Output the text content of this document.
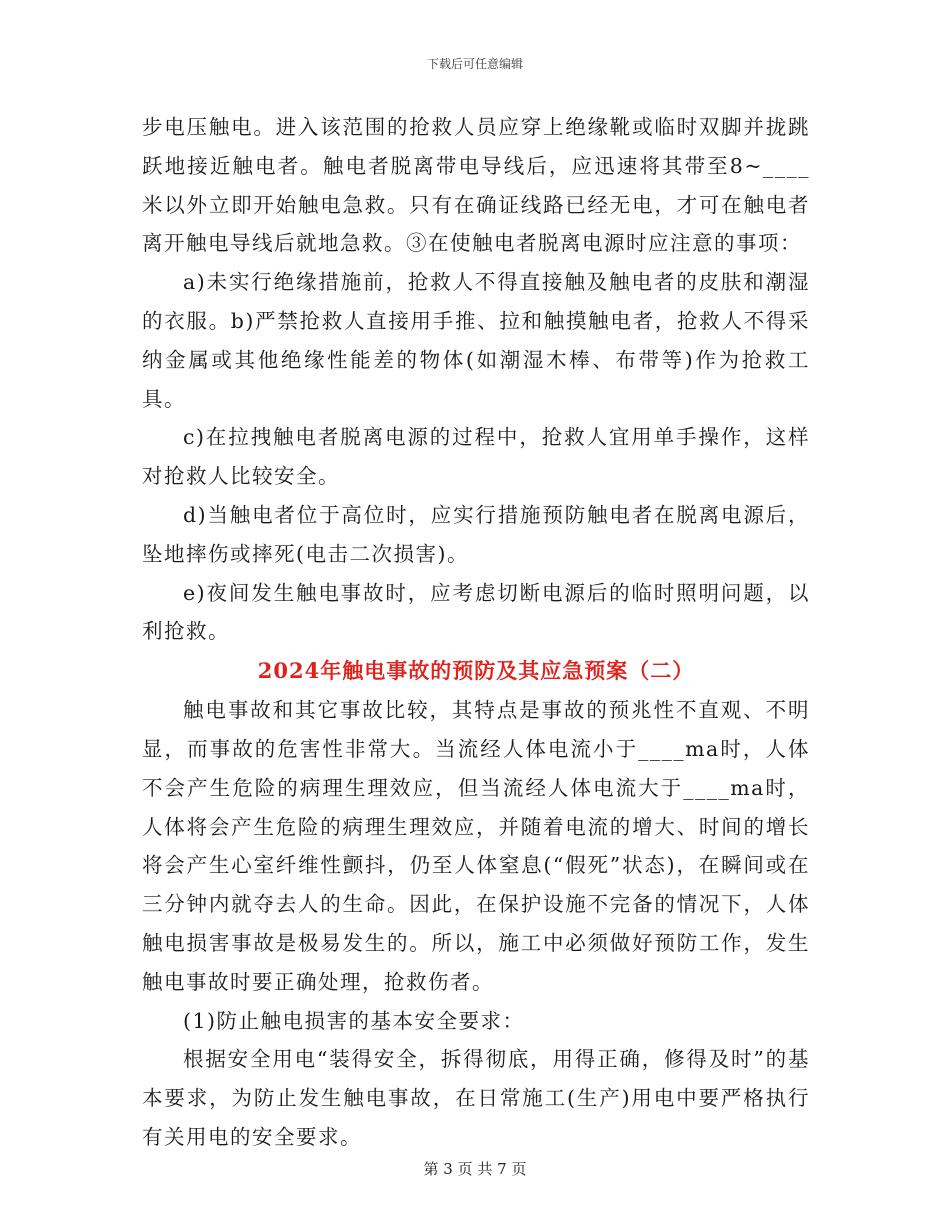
下载后可任意编辑

步电压触电。进入该范围的抢救人员应穿上绝缘靴或临时双脚并拢跳跃地接近触电者。触电者脱离带电导线后，应迅速将其带至8~____米以外立即开始触电急救。只有在确证线路已经无电，才可在触电者离开触电导线后就地急救。③在使触电者脱离电源时应注意的事项：

a)未实行绝缘措施前，抢救人不得直接触及触电者的皮肤和潮湿的衣服。b)严禁抢救人直接用手推、拉和触摸触电者，抢救人不得采纳金属或其他绝缘性能差的物体(如潮湿木棒、布带等)作为抢救工具。

c)在拉拽触电者脱离电源的过程中，抢救人宜用单手操作，这样对抢救人比较安全。

d)当触电者位于高位时，应实行措施预防触电者在脱离电源后，坠地摔伤或摔死(电击二次损害)。

e)夜间发生触电事故时，应考虑切断电源后的临时照明问题，以利抢救。

2024年触电事故的预防及其应急预案（二）

触电事故和其它事故比较，其特点是事故的预兆性不直观、不明显，而事故的危害性非常大。当流经人体电流小于____ma时，人体不会产生危险的病理生理效应，但当流经人体电流大于____ma时，人体将会产生危险的病理生理效应，并随着电流的增大、时间的增长将会产生心室纤维性颤抖，仍至人体窒息(“假死”状态)，在瞬间或在三分钟内就夺去人的生命。因此，在保护设施不完备的情况下，人体触电损害事故是极易发生的。所以，施工中必须做好预防工作，发生触电事故时要正确处理，抢救伤者。

(1)防止触电损害的基本安全要求：

根据安全用电“装得安全，拆得彻底，用得正确，修得及时”的基本要求，为防止发生触电事故，在日常施工(生产)用电中要严格执行有关用电的安全要求。

第 3 页 共 7 页
